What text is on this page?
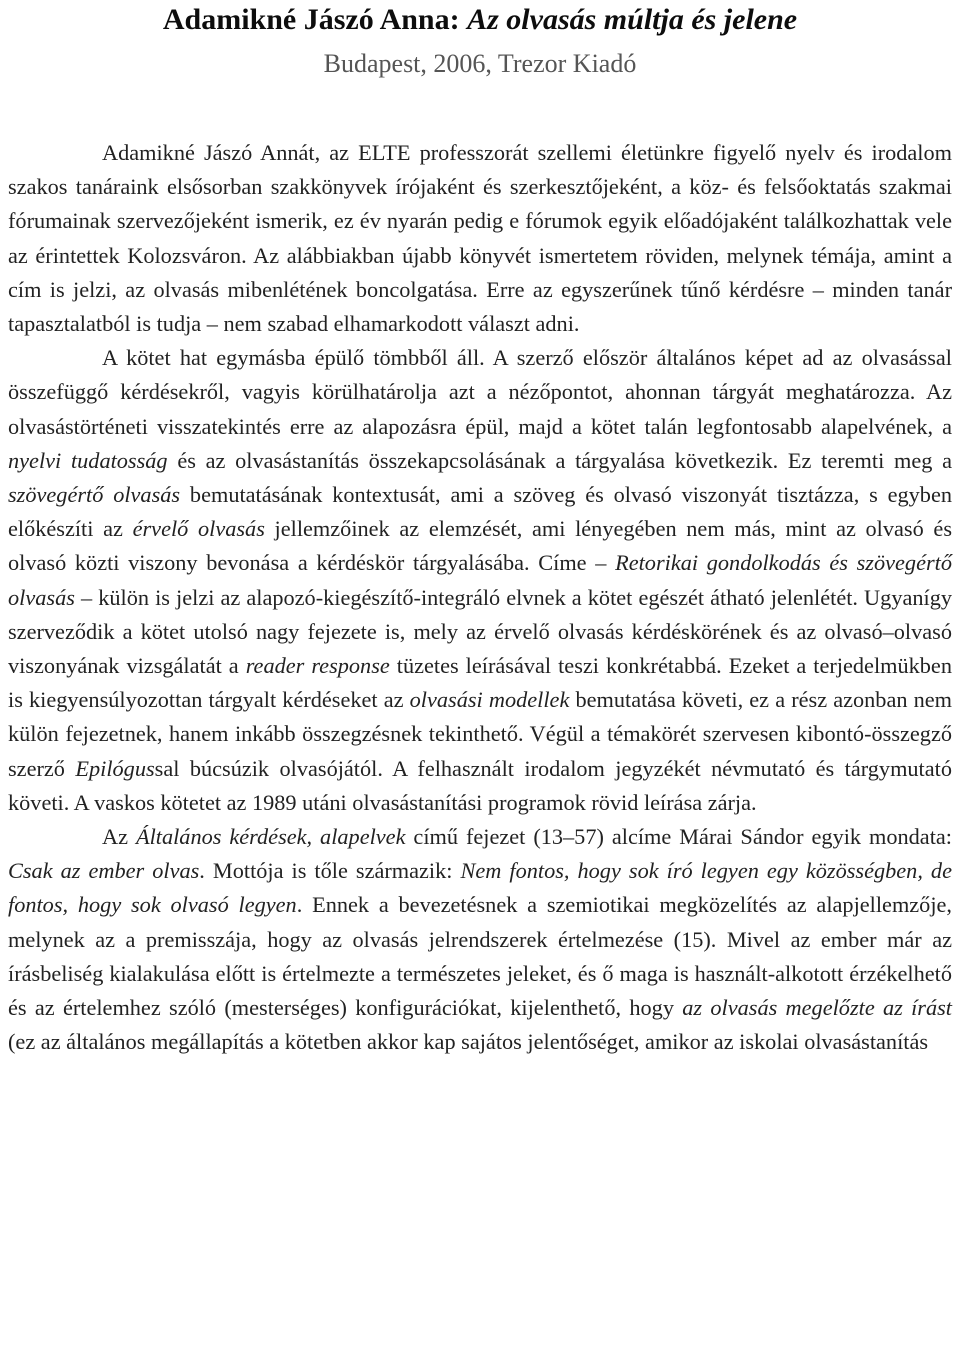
Adamikné Jászó Anna: Az olvasás múltja és jelene
Budapest, 2006, Trezor Kiadó

Adamikné Jászó Annát, az ELTE professzorát szellemi életünkre figyelő nyelv és irodalom szakos tanáraink elsősorban szakkönyvek írójaként és szerkesztőjeként, a köz- és felsőoktatás szakmai fórumainak szervezőjeként ismerik, ez év nyarán pedig e fórumok egyik előadójaként találkozhattak vele az érintettek Kolozsváron. Az alábbiakban újabb könyvét ismertetem röviden, melynek témája, amint a cím is jelzi, az olvasás mibenlétének boncolgatása. Erre az egyszerűnek tűnő kérdésre – minden tanár tapasztalatból is tudja – nem szabad elhamarkodott választ adni.

A kötet hat egymásba épülő tömbből áll. A szerző először általános képet ad az olvasással összefüggő kérdésekről, vagyis körülhatárolja azt a nézőpontot, ahonnan tárgyát meghatározza. Az olvasástörténeti visszatekintés erre az alapozásra épül, majd a kötet talán legfontosabb alapelvének, a nyelvi tudatosság és az olvasástanítás összekapcsolásának a tárgyalása következik. Ez teremti meg a szövegértő olvasás bemutatásának kontextusát, ami a szöveg és olvasó viszonyát tisztázza, s egyben előkészíti az érvelő olvasás jellemzőinek az elemzését, ami lényegében nem más, mint az olvasó és olvasó közti viszony bevonása a kérdéskör tárgyalásába. Címe – Retorikai gondolkodás és szövegértő olvasás – külön is jelzi az alapozó-kiegészítő-integráló elvnek a kötet egészét átható jelenlétét. Ugyanígy szerveződik a kötet utolsó nagy fejezete is, mely az érvelő olvasás kérdéskörének és az olvasó–olvasó viszonyának vizsgálatát a reader response tüzetes leírásával teszi konkrétabbá. Ezeket a terjedelmükben is kiegyensúlyozottan tárgyalt kérdéseket az olvasási modellek bemutatása követi, ez a rész azonban nem külön fejezetnek, hanem inkább összegzésnek tekinthető. Végül a témakörét szervesen kibontó-összegző szerző Epilógussal búcsúzik olvasójától. A felhasznált irodalom jegyzékét névmutató és tárgymutató követi. A vaskos kötetet az 1989 utáni olvasástanítási programok rövid leírása zárja.

Az Általános kérdések, alapelvek című fejezet (13–57) alcíme Márai Sándor egyik mondata: Csak az ember olvas. Mottója is tőle származik: Nem fontos, hogy sok író legyen egy közösségben, de fontos, hogy sok olvasó legyen. Ennek a bevezetésnek a szemiotikai megközelítés az alapjellemzője, melynek az a premisszája, hogy az olvasás jelrendszerek értelmezése (15). Mivel az ember már az írásbeliség kialakulása előtt is értelmezte a természetes jeleket, és ő maga is használt-alkotott érzékelhető és az értelemhez szóló (mesterséges) konfigurációkat, kijelenthető, hogy az olvasás megelőzte az írást (ez az általános megállapítás a kötetben akkor kap sajátos jelentőséget, amikor az iskolai olvasástanítás
